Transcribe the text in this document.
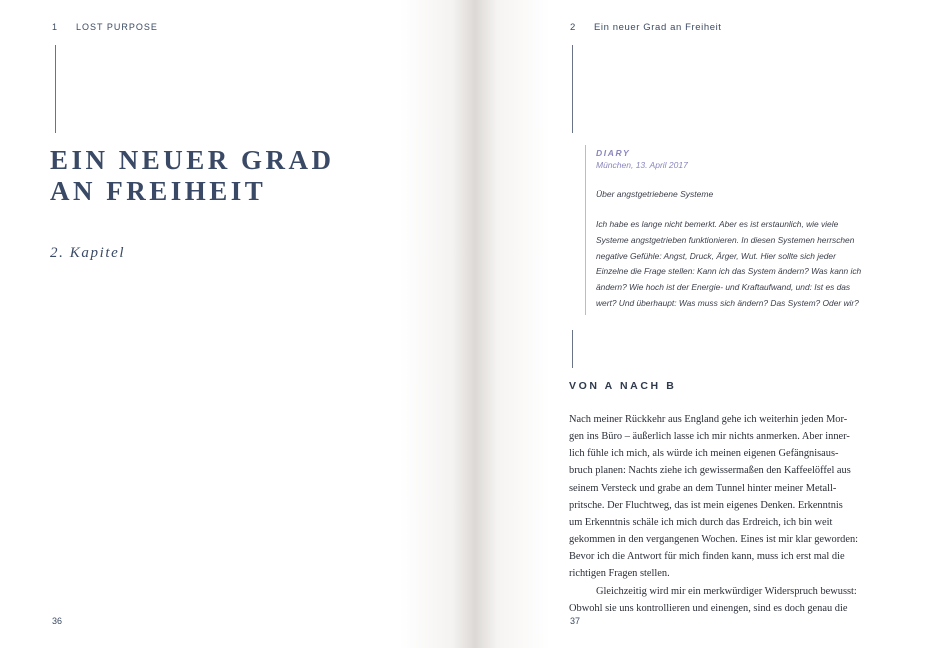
1 LOST PURPOSE
EIN NEUER GRAD
AN FREIHEIT
2. Kapitel
36
2 Ein neuer Grad an Freiheit
DIARY
München, 13. April 2017
Über angstgetriebene Systeme
Ich habe es lange nicht bemerkt. Aber es ist erstaunlich, wie viele
Systeme angstgetrieben funktionieren. In diesen Systemen herrschen
negative Gefühle: Angst, Druck, Ärger, Wut. Hier sollte sich jeder
Einzelne die Frage stellen: Kann ich das System ändern? Was kann ich
ändern? Wie hoch ist der Energie- und Kraftaufwand, und: Ist es das
wert? Und überhaupt: Was muss sich ändern? Das System? Oder wir?
VON A NACH B
Nach meiner Rückkehr aus England gehe ich weiterhin jeden Mor-
gen ins Büro – äußerlich lasse ich mir nichts anmerken. Aber inner-
lich fühle ich mich, als würde ich meinen eigenen Gefängnisaus-
bruch planen: Nachts ziehe ich gewissermaßen den Kaffeelöffel aus
seinem Versteck und grabe an dem Tunnel hinter meiner Metall-
pritsche. Der Fluchtweg, das ist mein eigenes Denken. Erkenntnis
um Erkenntnis schäle ich mich durch das Erdreich, ich bin weit
gekommen in den vergangenen Wochen. Eines ist mir klar geworden:
Bevor ich die Antwort für mich finden kann, muss ich erst mal die
richtigen Fragen stellen.
Gleichzeitig wird mir ein merkwürdiger Widerspruch bewusst:
Obwohl sie uns kontrollieren und einengen, sind es doch genau die
37
